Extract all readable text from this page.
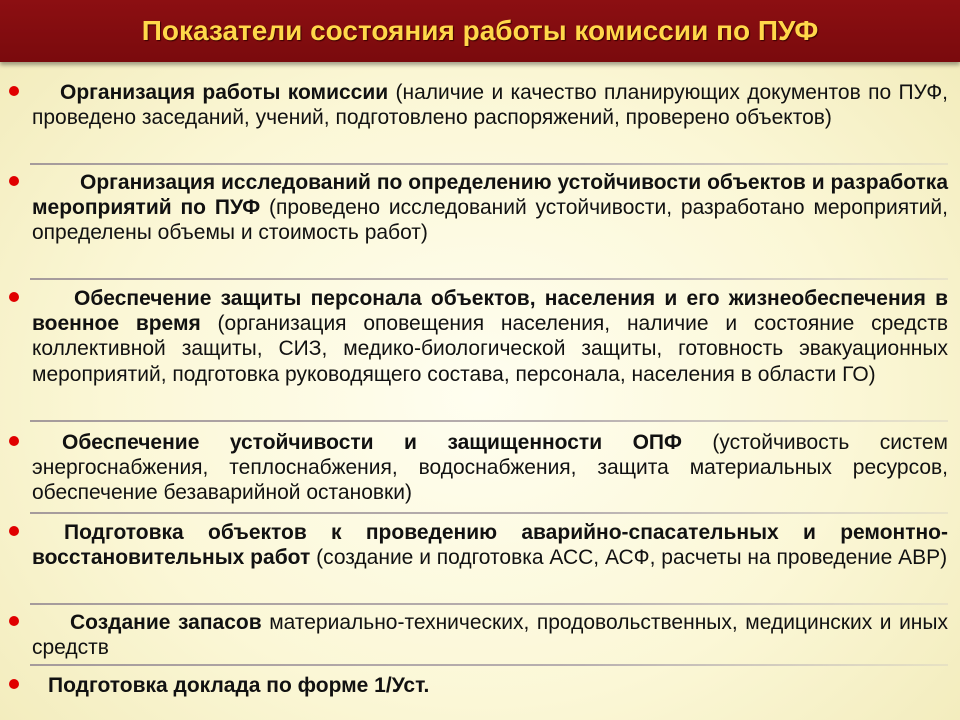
Показатели состояния работы комиссии по ПУФ
Организация работы комиссии (наличие и качество планирующих документов по ПУФ, проведено заседаний, учений, подготовлено распоряжений, проверено объектов)
Организация исследований по определению устойчивости объектов и разработка мероприятий по ПУФ (проведено исследований устойчивости, разработано мероприятий, определены объемы и стоимость работ)
Обеспечение защиты персонала объектов, населения и его жизнеобеспечения в военное время (организация оповещения населения, наличие и состояние средств коллективной защиты, СИЗ, медико-биологической защиты, готовность эвакуационных мероприятий, подготовка руководящего состава, персонала, населения в области ГО)
Обеспечение устойчивости и защищенности ОПФ (устойчивость систем энергоснабжения, теплоснабжения, водоснабжения, защита материальных ресурсов, обеспечение безаварийной остановки)
Подготовка объектов к проведению аварийно-спасательных и ремонтно-восстановительных работ (создание и подготовка АСС, АСФ, расчеты на проведение АВР)
Создание запасов материально-технических, продовольственных, медицинских и иных средств
Подготовка доклада по форме 1/Уст.
